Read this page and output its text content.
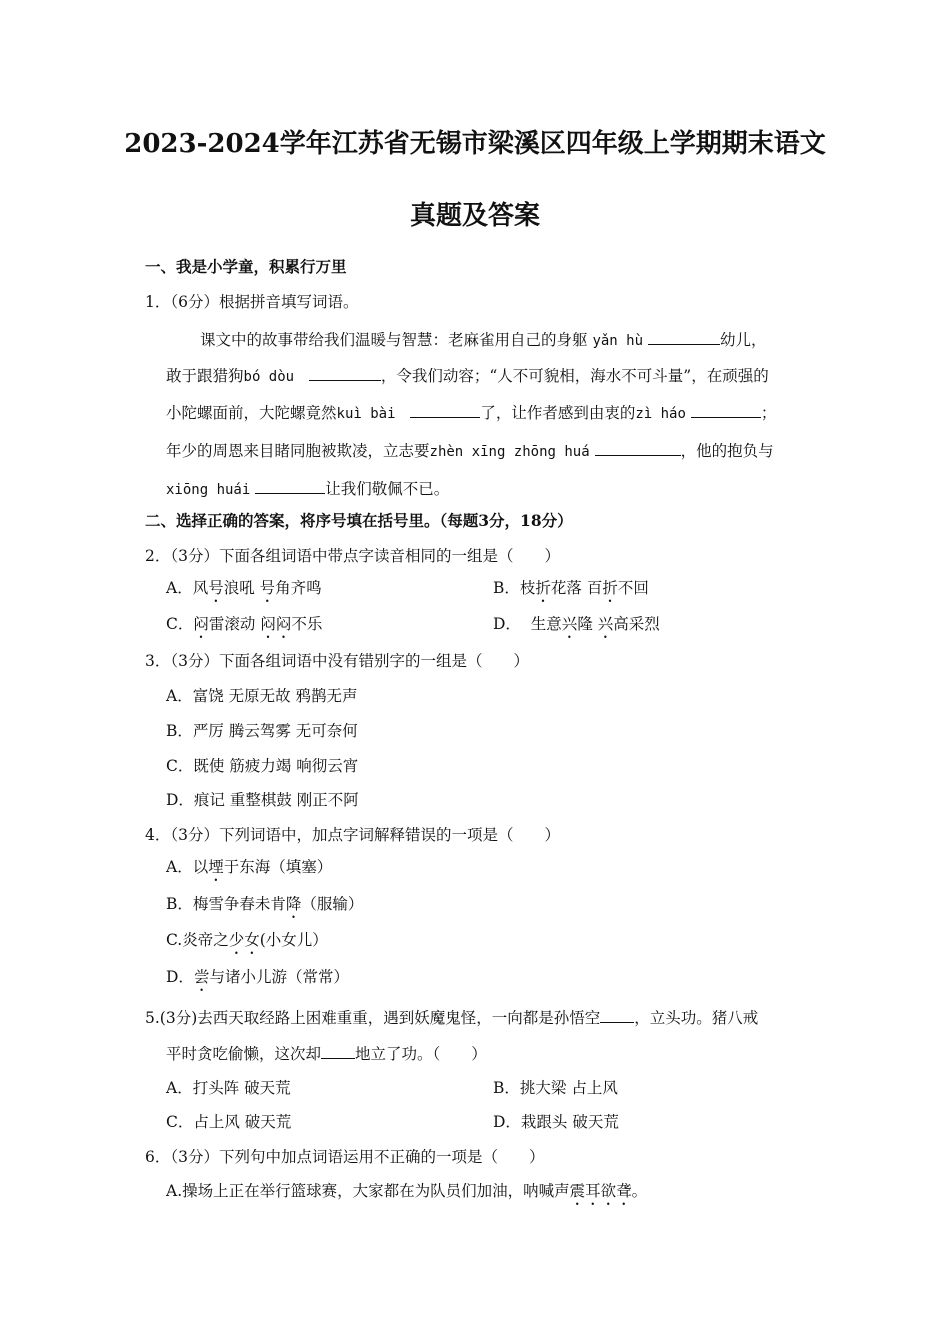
2023-2024学年江苏省无锡市梁溪区四年级上学期期末语文
真题及答案
一、我是小学童，积累行万里
1．（6分）根据拼音填写词语。
课文中的故事带给我们温暖与智慧：老麻雀用自己的身躯 yǎn hù	幼儿，
敢于跟猎狗bó dòu	，令我们动容；“人不可貌相，海水不可斗量”，在顽强的
小陀螺面前，大陀螺竟然kuì bài	了，让作者感到由衷的zì háo	；
年少的周恩来目睹同胞被欺凌，立志要zhèn xīng zhōng huá	，他的抱负与
xiōng huái	让我们敬佩不已。
二、选择正确的答案，将序号填在括号里。（每题3分，18分）
2．（3分）下面各组词语中带点字读音相同的一组是（　　）
A．风号浪吼 号角齐鸣	B．枝折花落 百折不回
C．闷雷滚动 闷闷不乐	D．  生意兴隆 兴高采烈
3．（3分）下面各组词语中没有错别字的一组是（　　）
A．富饶 无原无故 鸦鹊无声
B．严厉 腾云驾雾 无可奈何
C．既使 筋疲力竭 响彻云宵
D．痕记 重整棋鼓 刚正不阿
4．（3分）下列词语中，加点字词解释错误的一项是（　　）
A．以堙于东海（填塞）
B．梅雪争春未肯降（服输）
C.炎帝之少女(小女儿）
D．尝与诸小儿游（常常）
5.(3分)去西天取经路上困难重重，遇到妖魔鬼怪，一向都是孙悟空 ，立头功。猪八戒
平时贪吃偷懒，这次却 地立了功。（　　）
A．打头阵 破天荒	B．挑大梁 占上风
C．占上风 破天荒	D．栽跟头 破天荒
6．（3分）下列句中加点词语运用不正确的一项是（　　）
A.操场上正在举行篮球赛，大家都在为队员们加油，呐喊声震耳欲聋。
